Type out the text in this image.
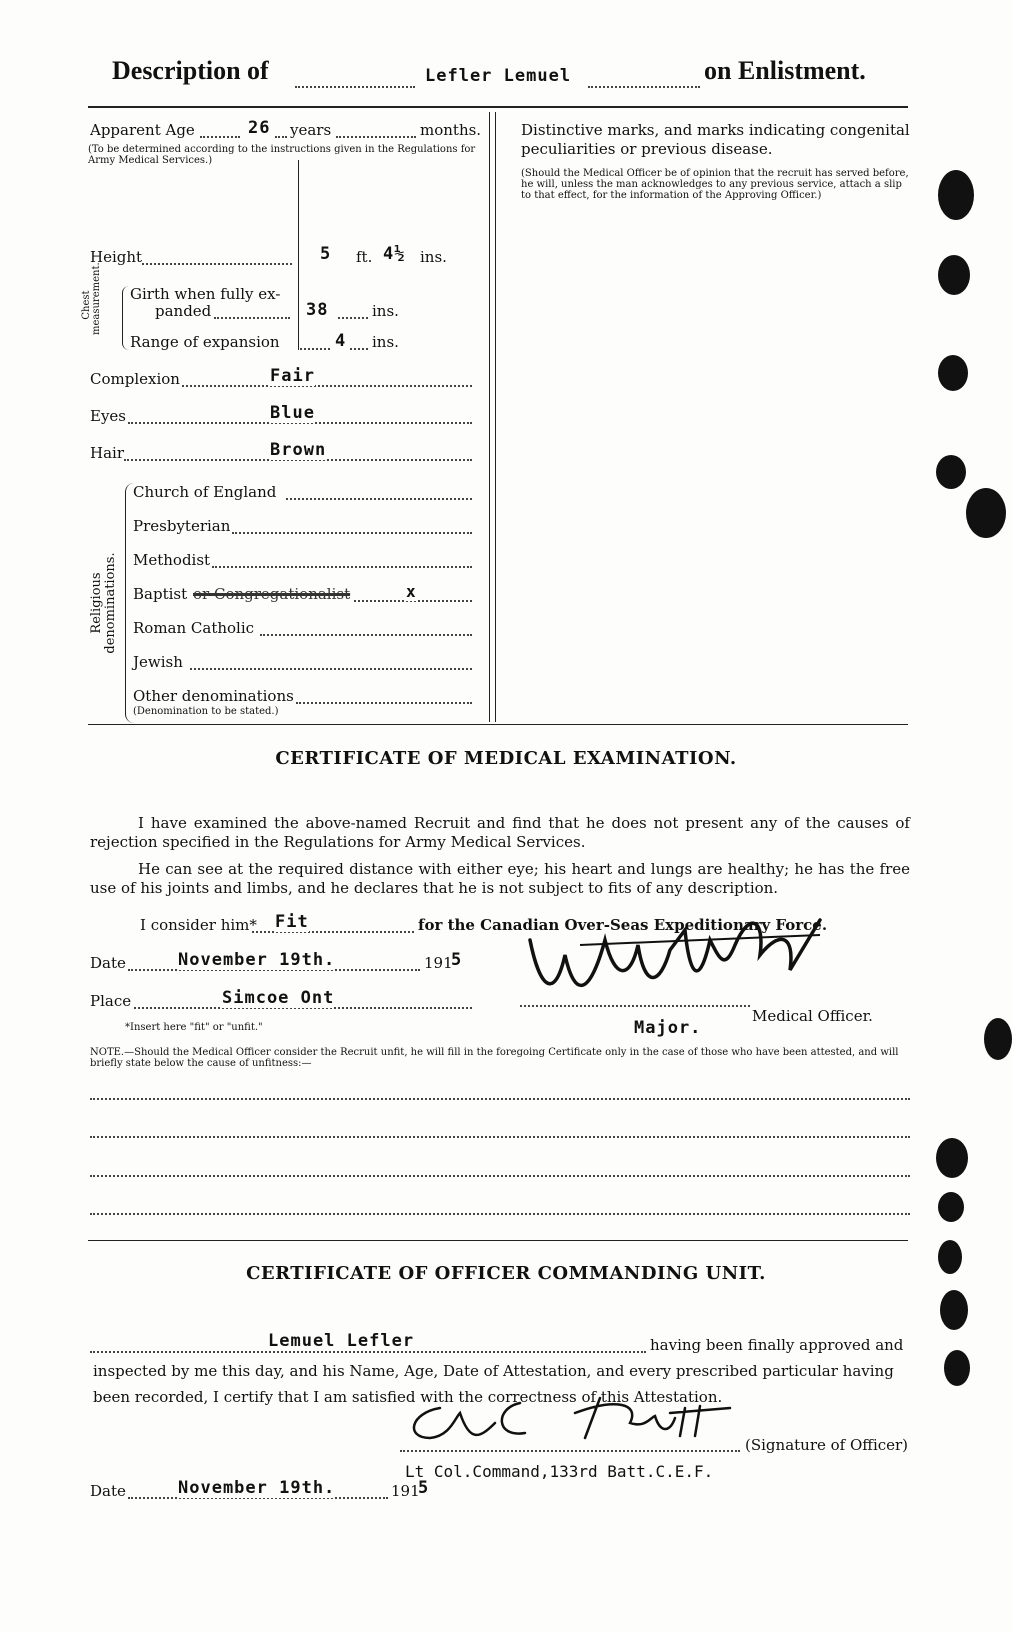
Description of	Lefler Lemuel	on Enlistment.
Apparent Age	26 years	months.
(To be determined according to the instructions given in the Regulations for Army Medical Services.)
Height	5 ft. 4½ ins.
Chest measurement. Girth when fully ex-
panded	38	ins.
Range of expansion	4 ins.
Complexion	Fair
Eyes	Blue
Hair	Brown
Religious denominations.
Church of England
Presbyterian
Methodist
Baptist or Congregationalist	x
Roman Catholic
Jewish
Other denominations
(Denomination to be stated.)
Distinctive marks, and marks indicating congenital peculiarities or previous disease.
(Should the Medical Officer be of opinion that the recruit has served before, he will, unless the man acknowledges to any previous service, attach a slip to that effect, for the information of the Approving Officer.)
CERTIFICATE OF MEDICAL EXAMINATION.
I have examined the above-named Recruit and find that he does not present any of the causes of rejection specified in the Regulations for Army Medical Services.
He can see at the required distance with either eye; his heart and lungs are healthy; he has the free use of his joints and limbs, and he declares that he is not subject to fits of any description.
I consider him* Fit	for the Canadian Over-Seas Expeditionary Force.
Date	November 19th.	191
5
Place	Simcoe Ont
*Insert here "fit" or "unfit."	Major.
Medical Officer.
NOTE.—Should the Medical Officer consider the Recruit unfit, he will fill in the foregoing Certificate only in the case of those who have been attested, and will briefly state below the cause of unfitness:—
CERTIFICATE OF OFFICER COMMANDING UNIT.
Lemuel Lefler	having been finally approved and
inspected by me this day, and his Name, Age, Date of Attestation, and every prescribed particular having
been recorded, I certify that I am satisfied with the correctness of this Attestation.
(Signature of Officer)
Lt Col.Command,133rd Batt.C.E.F.
Date	November 19th.	191
5
